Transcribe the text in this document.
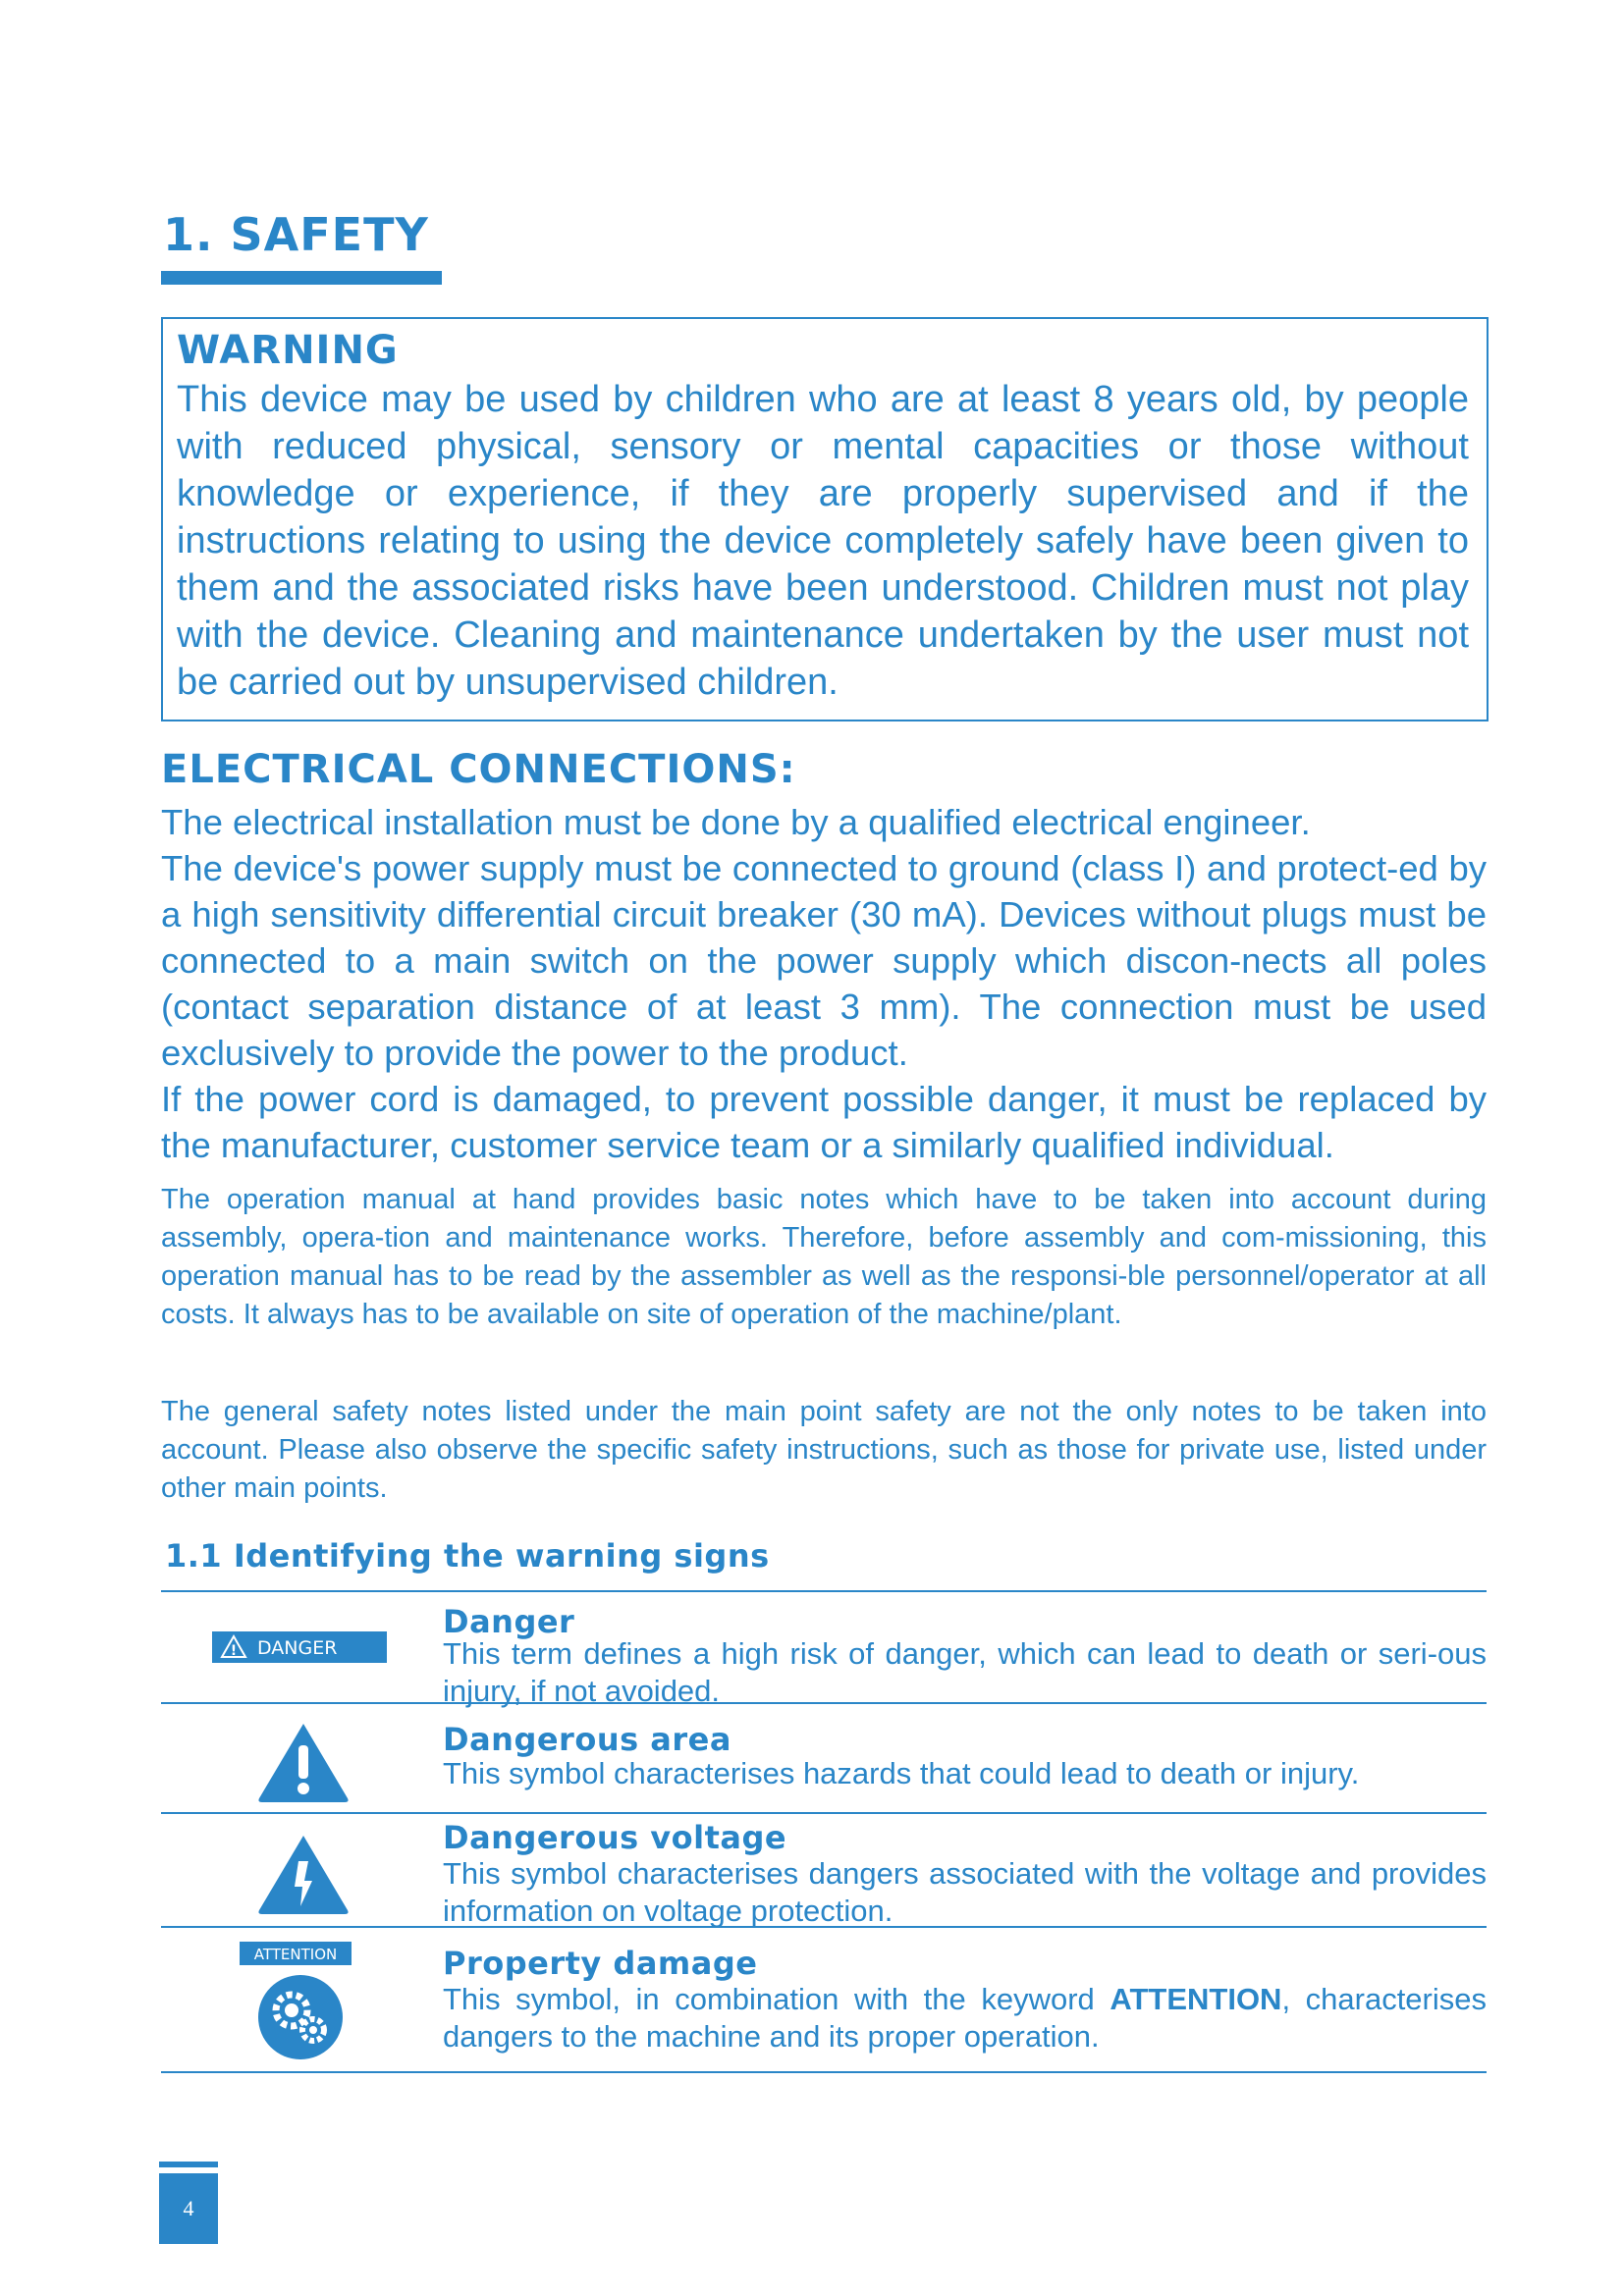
1. SAFETY
WARNING

This device may be used by children who are at least 8 years old, by people with reduced physical, sensory or mental capacities or those without knowledge or experience, if they are properly supervised and if the instructions relating to using the device completely safely have been given to them and the associated risks have been understood. Children must not play with the device. Cleaning and maintenance undertaken by the user must not be carried out by unsupervised children.

ELECTRICAL CONNECTIONS:

The electrical installation must be done by a qualified electrical engineer.

The device's power supply must be connected to ground (class I) and protect-ed by a high sensitivity differential circuit breaker (30 mA). Devices without plugs must be connected to a main switch on the power supply which discon-nects all poles (contact separation distance of at least 3 mm). The connection must be used exclusively to provide the power to the product.

If the power cord is damaged, to prevent possible danger, it must be replaced by the manufacturer, customer service team or a similarly qualified individual.

The operation manual at hand provides basic notes which have to be taken into account during assembly, opera-tion and maintenance works. Therefore, before assembly and com-missioning, this operation manual has to be read by the assembler as well as the responsi-ble personnel/operator at all costs. It always has to be available on site of operation of the machine/plant.

The general safety notes listed under the main point safety are not the only notes to be taken into account. Please also observe the specific safety instructions, such as those for private use, listed under other main points.

1.1 Identifying the warning signs
! DANGER
Danger
This term defines a high risk of danger, which can lead to death or seri-ous injury, if not avoided.
Dangerous area
This symbol characterises hazards that could lead to death or injury.
Dangerous voltage
This symbol characterises dangers associated with the voltage and provides information on voltage protection.
ATTENTION	Property damage
This symbol, in combination with the keyword ATTENTION, characterises dangers to the machine and its proper operation.
4
